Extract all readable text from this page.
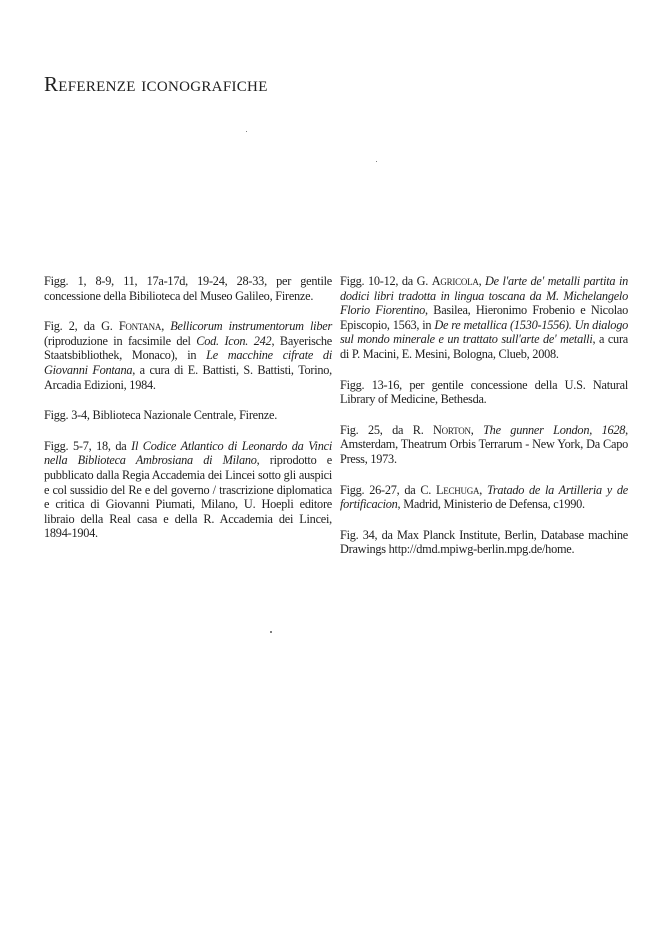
Referenze iconografiche

Figg. 1, 8-9, 11, 17a-17d, 19-24, 28-33, per gentile concessione della Bibilioteca del Museo Galileo, Firenze.

Fig. 2, da G. Fontana, Bellicorum instrumentorum liber (riproduzione in facsimile del Cod. Icon. 242, Bayerische Staatsbibliothek, Monaco), in Le macchine cifrate di Giovanni Fontana, a cura di E. Battisti, S. Battisti, Torino, Arcadia Edizioni, 1984.

Figg. 3-4, Biblioteca Nazionale Centrale, Firenze.

Figg. 5-7, 18, da Il Codice Atlantico di Leonardo da Vinci nella Biblioteca Ambrosiana di Milano, riprodotto e pubblicato dalla Regia Accademia dei Lincei sotto gli auspici e col sussidio del Re e del governo / trascrizione diplomatica e critica di Giovanni Piumati, Milano, U. Hoepli editore libraio della Real casa e della R. Accademia dei Lincei, 1894-1904.

Figg. 10-12, da G. Agricola, De l'arte de' metalli partita in dodici libri tradotta in lingua toscana da M. Michelangelo Florio Fiorentino, Basilea, Hieronimo Frobenio e Nicolao Episcopio, 1563, in De re metallica (1530-1556). Un dialogo sul mondo minerale e un trattato sull'arte de' metalli, a cura di P. Macini, E. Mesini, Bologna, Clueb, 2008.

Figg. 13-16, per gentile concessione della U.S. Natural Library of Medicine, Bethesda.

Fig. 25, da R. Norton, The gunner London, 1628, Amsterdam, Theatrum Orbis Terrarum - New York, Da Capo Press, 1973.

Figg. 26-27, da C. Lechuga, Tratado de la Artilleria y de fortificacion, Madrid, Ministerio de Defensa, c1990.

Fig. 34, da Max Planck Institute, Berlin, Database machine Drawings http://dmd.mpiwg-berlin.mpg.de/home.
